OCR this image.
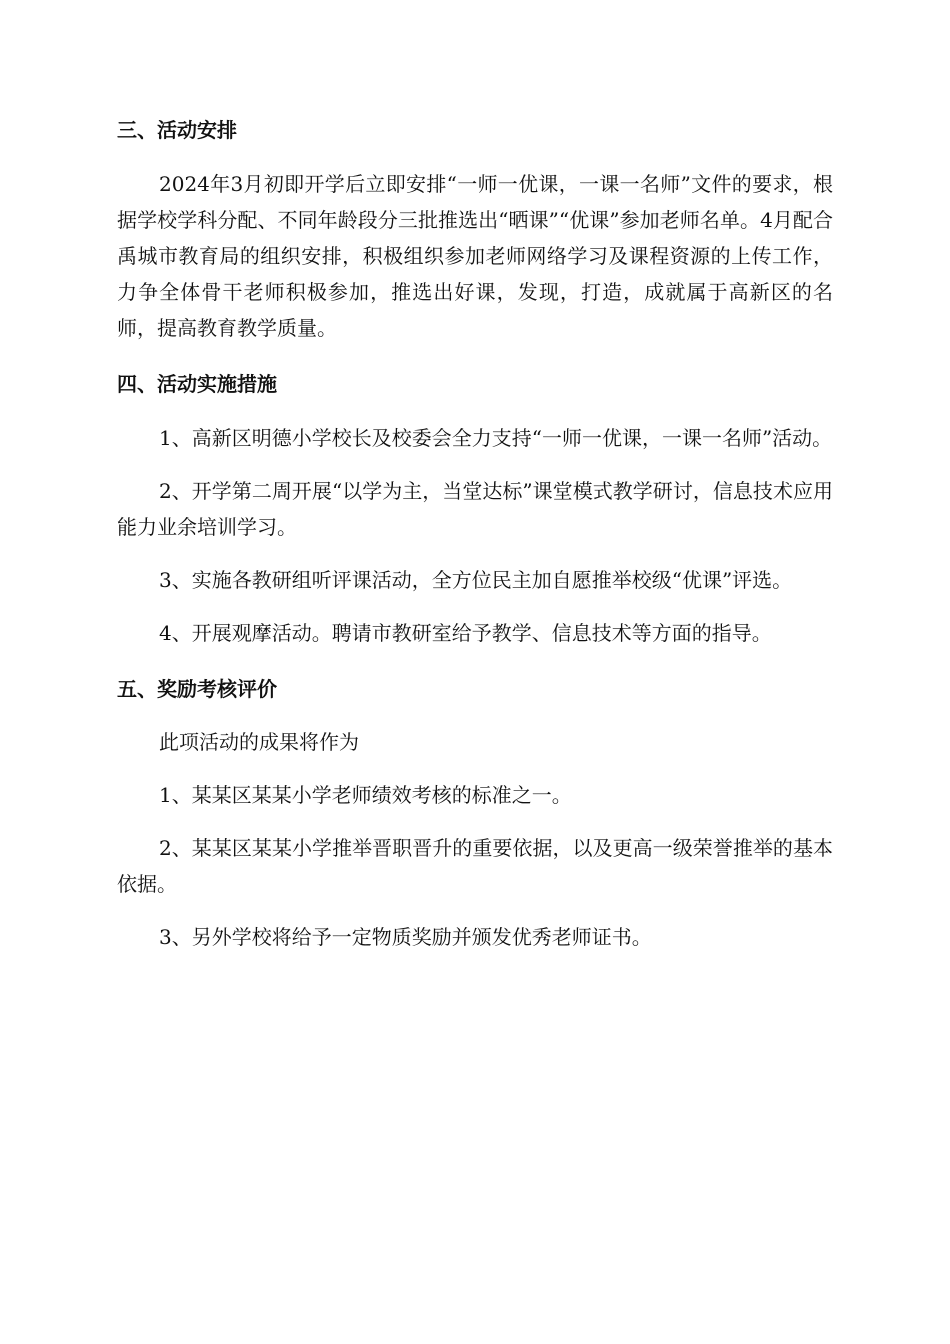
三、活动安排

2024年3月初即开学后立即安排“一师一优课，一课一名师”文件的要求，根据学校学科分配、不同年龄段分三批推选出“晒课”“优课”参加老师名单。4月配合禹城市教育局的组织安排，积极组织参加老师网络学习及课程资源的上传工作，力争全体骨干老师积极参加，推选出好课，发现，打造，成就属于高新区的名师，提高教育教学质量。

四、活动实施措施

1、高新区明德小学校长及校委会全力支持“一师一优课，一课一名师”活动。

2、开学第二周开展“以学为主，当堂达标”课堂模式教学研讨，信息技术应用能力业余培训学习。

3、实施各教研组听评课活动，全方位民主加自愿推举校级“优课”评选。

4、开展观摩活动。聘请市教研室给予教学、信息技术等方面的指导。

五、奖励考核评价

此项活动的成果将作为

1、某某区某某小学老师绩效考核的标准之一。

2、某某区某某小学推举晋职晋升的重要依据，以及更高一级荣誉推举的基本依据。

3、另外学校将给予一定物质奖励并颁发优秀老师证书。
